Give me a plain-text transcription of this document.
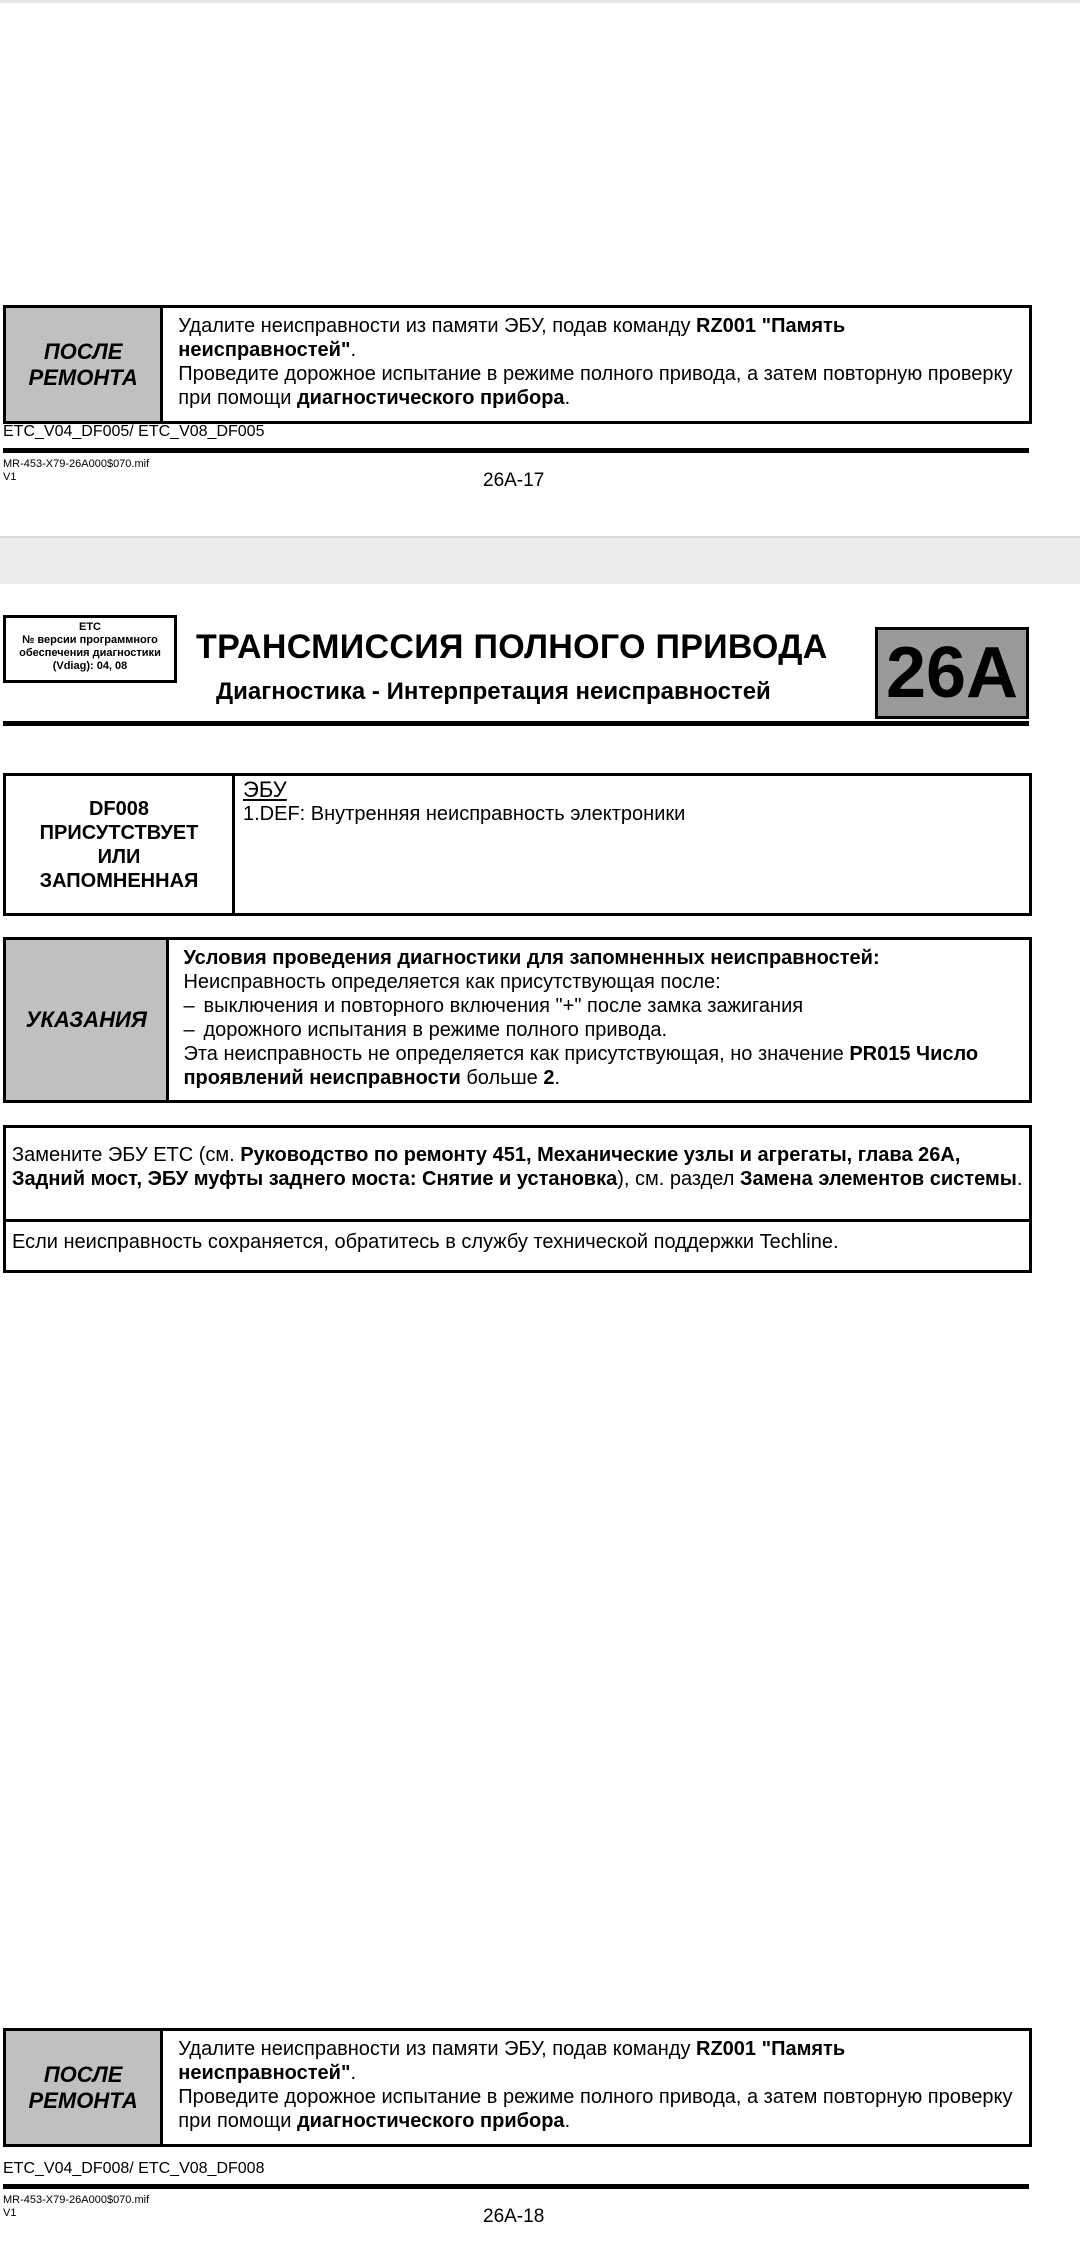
ПОСЛЕ РЕМОНТА
Удалите неисправности из памяти ЭБУ, подав команду RZ001 "Память неисправностей".
Проведите дорожное испытание в режиме полного привода, а затем повторную проверку при помощи диагностического прибора.
ETC_V04_DF005/ ETC_V08_DF005
MR-453-X79-26A000$070.mif
V1	26A-17
ETC
№ версии программного обеспечения диагностики
(Vdiag): 04, 08	ТРАНСМИССИЯ ПОЛНОГО ПРИВОДА
Диагностика - Интерпретация неисправностей 26A
DF008 ПРИСУТСТВУЕТ ИЛИ ЗАПОМНЕННАЯ
ЭБУ
1.DEF: Внутренняя неисправность электроники
УКАЗАНИЯ
Условия проведения диагностики для запомненных неисправностей:
Неисправность определяется как присутствующая после:
– выключения и повторного включения "+" после замка зажигания
– дорожного испытания в режиме полного привода.
Эта неисправность не определяется как присутствующая, но значение PR015 Число проявлений неисправности больше 2.
Замените ЭБУ ETC (см. Руководство по ремонту 451, Механические узлы и агрегаты, глава 26A, Задний мост, ЭБУ муфты заднего моста: Снятие и установка), см. раздел Замена элементов системы.
Если неисправность сохраняется, обратитесь в службу технической поддержки Techline.
ПОСЛЕ РЕМОНТА
Удалите неисправности из памяти ЭБУ, подав команду RZ001 "Память неисправностей".
Проведите дорожное испытание в режиме полного привода, а затем повторную проверку при помощи диагностического прибора.
ETC_V04_DF008/ ETC_V08_DF008
MR-453-X79-26A000$070.mif
V1	26A-18
